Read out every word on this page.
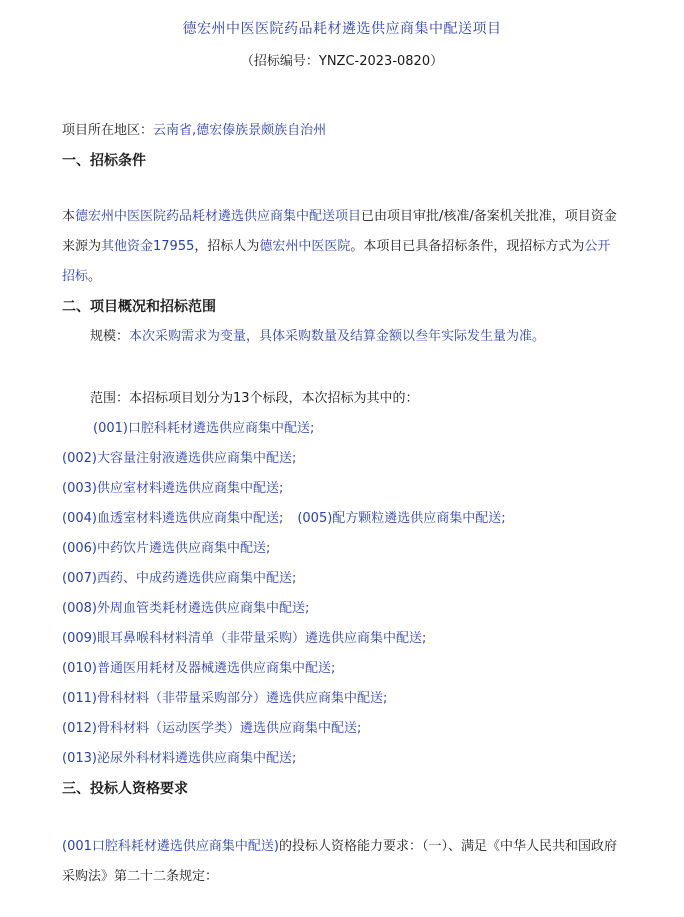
德宏州中医医院药品耗材遴选供应商集中配送项目
（招标编号：YNZC-2023-0820）
项目所在地区：云南省,德宏傣族景颇族自治州
一、招标条件
本德宏州中医医院药品耗材遴选供应商集中配送项目已由项目审批/核准/备案机关批准，项目资金来源为其他资金17955，招标人为德宏州中医医院。本项目已具备招标条件，现招标方式为公开招标。
二、项目概况和招标范围
规模：本次采购需求为变量，具体采购数量及结算金额以叁年实际发生量为准。
范围：本招标项目划分为13个标段，本次招标为其中的：
(001)口腔科耗材遴选供应商集中配送;
(002)大容量注射液遴选供应商集中配送;
(003)供应室材料遴选供应商集中配送;
(004)血透室材料遴选供应商集中配送; (005)配方颗粒遴选供应商集中配送;
(006)中药饮片遴选供应商集中配送;
(007)西药、中成药遴选供应商集中配送;
(008)外周血管类耗材遴选供应商集中配送;
(009)眼耳鼻喉科材料清单（非带量采购）遴选供应商集中配送;
(010)普通医用耗材及器械遴选供应商集中配送;
(011)骨科材料（非带量采购部分）遴选供应商集中配送;
(012)骨科材料（运动医学类）遴选供应商集中配送;
(013)泌尿外科材料遴选供应商集中配送;
三、投标人资格要求
(001口腔科耗材遴选供应商集中配送)的投标人资格能力要求：（一）、满足《中华人民共和国政府采购法》第二十二条规定：
